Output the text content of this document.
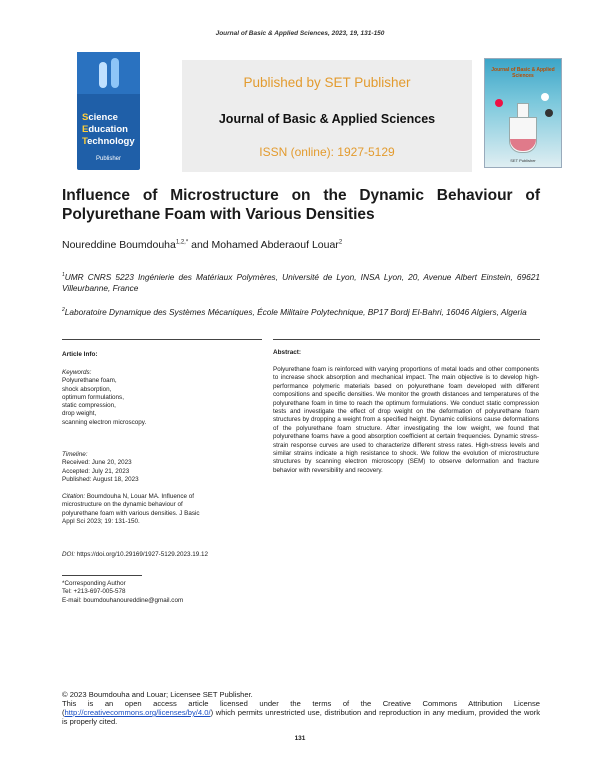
Journal of Basic & Applied Sciences, 2023, 19, 131-150
Science
Education
Technology
Publisher
Published by SET Publisher
Journal of Basic & Applied Sciences
ISSN (online): 1927-5129
Journal of Basic & Applied Sciences
SET Publisher
Influence of Microstructure on the Dynamic Behaviour of Polyurethane Foam with Various Densities
Noureddine Boumdouha$^{1,2,*}$ and Mohamed Abderaouf Louar$^2$
$^1$UMR CNRS 5223 Ingénierie des Matériaux Polymères, Université de Lyon, INSA Lyon, 20, Avenue Albert Einstein, 69621 Villeurbanne, France
$^2$Laboratoire Dynamique des Systèmes Mécaniques, École Militaire Polytechnique, BP17 Bordj El-Bahri, 16046 Algiers, Algeria
Article Info:	Abstract:
Keywords:
Polyurethane foam,
shock absorption,
optimum formulations,
static compression,
drop weight,
scanning electron microscopy.
Timeline:
Received: June 20, 2023
Accepted: July 21, 2023
Published: August 18, 2023
Citation: Boumdouha N, Louar MA. Influence of microstructure on the dynamic behaviour of polyurethane foam with various densities. J Basic Appl Sci 2023; 19: 131-150.
DOI: https://doi.org/10.29169/1927-5129.2023.19.12
Polyurethane foam is reinforced with varying proportions of metal loads and other components to increase shock absorption and mechanical impact. The main objective is to develop high-performance polymeric materials based on polyurethane foam developed with different compositions and specific densities. We monitor the growth distances and temperatures of the polyurethane foam in time to reach the optimum formulations. We conduct static compression tests and investigate the effect of drop weight on the deformation of polyurethane foam structures by dropping a weight from a specified height. Dynamic collisions cause deformations of the polyurethane foam structure. After investigating the low weight, we found that polyurethane foams have a good absorption coefficient at certain frequencies. Dynamic stress-strain response curves are used to characterize different stress rates. High-stress levels and similar strains indicate a high resistance to shock. We follow the evolution of microstructure structures by scanning electron microscopy (SEM) to observe deformation and fracture behavior with reversibility and recovery.
*Corresponding Author
Tel: +213-697-005-578
E-mail: boumdouhanoureddine@gmail.com
© 2023 Boumdouha and Louar; Licensee SET Publisher.
This is an open access article licensed under the terms of the Creative Commons Attribution License (http://creativecommons.org/licenses/by/4.0/) which permits unrestricted use, distribution and reproduction in any medium, provided the work is properly cited.
131
